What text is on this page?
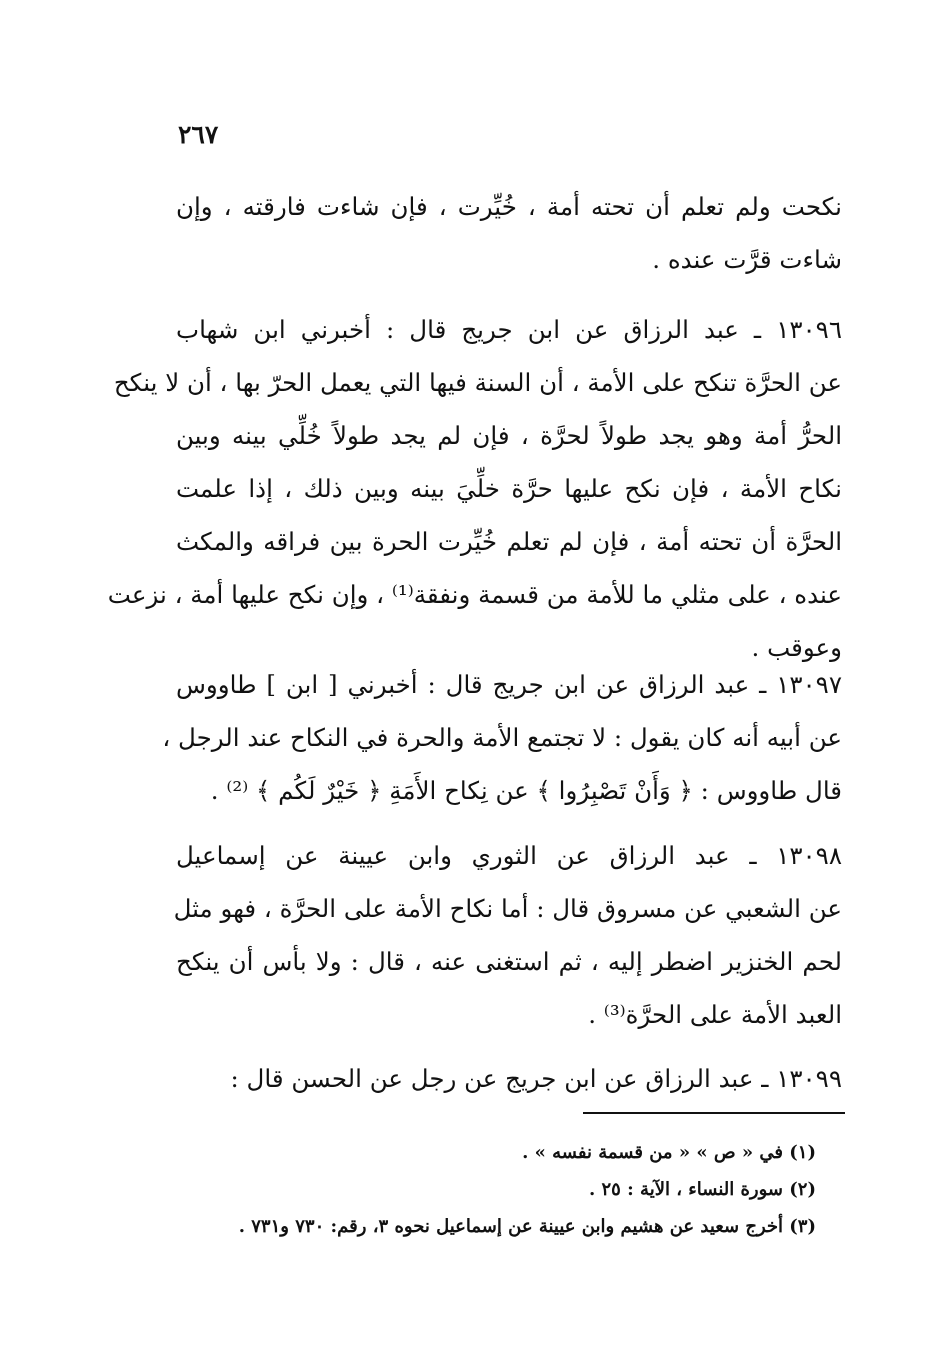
٢٦٧
نكحت ولم تعلم أن تحته أمة ، خُيِّرت ، فإن شاءت فارقته ، وإن
شاءت قرَّت عنده .
١٣٠٩٦ ـ عبد الرزاق عن ابن جريج قال : أخبرني ابن شهاب
عن الحرَّة تنكح على الأمة ، أن السنة فيها التي يعمل الحرّ بها ، أن لا ينكح
الحرُّ أمة وهو يجد طولاً لحرَّة ، فإن لم يجد طولاً خُلِّي بينه وبين
نكاح الأمة ، فإن نكح عليها حرَّة خلِّيَ بينه وبين ذلك ، إذا علمت
الحرَّة أن تحته أمة ، فإن لم تعلم خُيِّرت الحرة بين فراقه والمكث
عنده ، على مثلي ما للأمة من قسمة ونفقة⁽¹⁾ ، وإن نكح عليها أمة ، نزعت
وعوقب .
١٣٠٩٧ ـ عبد الرزاق عن ابن جريج قال : أخبرني [ ابن ] طاووس
عن أبيه أنه كان يقول : لا تجتمع الأمة والحرة في النكاح عند الرجل ،
قال طاووس : ﴿ وَأَنْ تَصْبِرُوا ﴾ عن نِكاح الأَمَةِ ﴿ خَيْرٌ لَكُم ﴾ ⁽²⁾ .
١٣٠٩٨ ـ عبد الرزاق عن الثوري وابن عيينة عن إسماعيل
عن الشعبي عن مسروق قال : أما نكاح الأمة على الحرَّة ، فهو مثل
لحم الخنزير اضطر إليه ، ثم استغنى عنه ، قال : ولا بأس أن ينكح
العبد الأمة على الحرَّة⁽³⁾ .
١٣٠٩٩ ـ عبد الرزاق عن ابن جريج عن رجل عن الحسن قال :
(١) في « ص » « من قسمة نفسه » .
(٢) سورة النساء ، الآية : ٢٥ .
(٣) أخرج سعيد عن هشيم وابن عيينة عن إسماعيل نحوه ٣، رقم: ٧٣٠ و٧٣١ .
